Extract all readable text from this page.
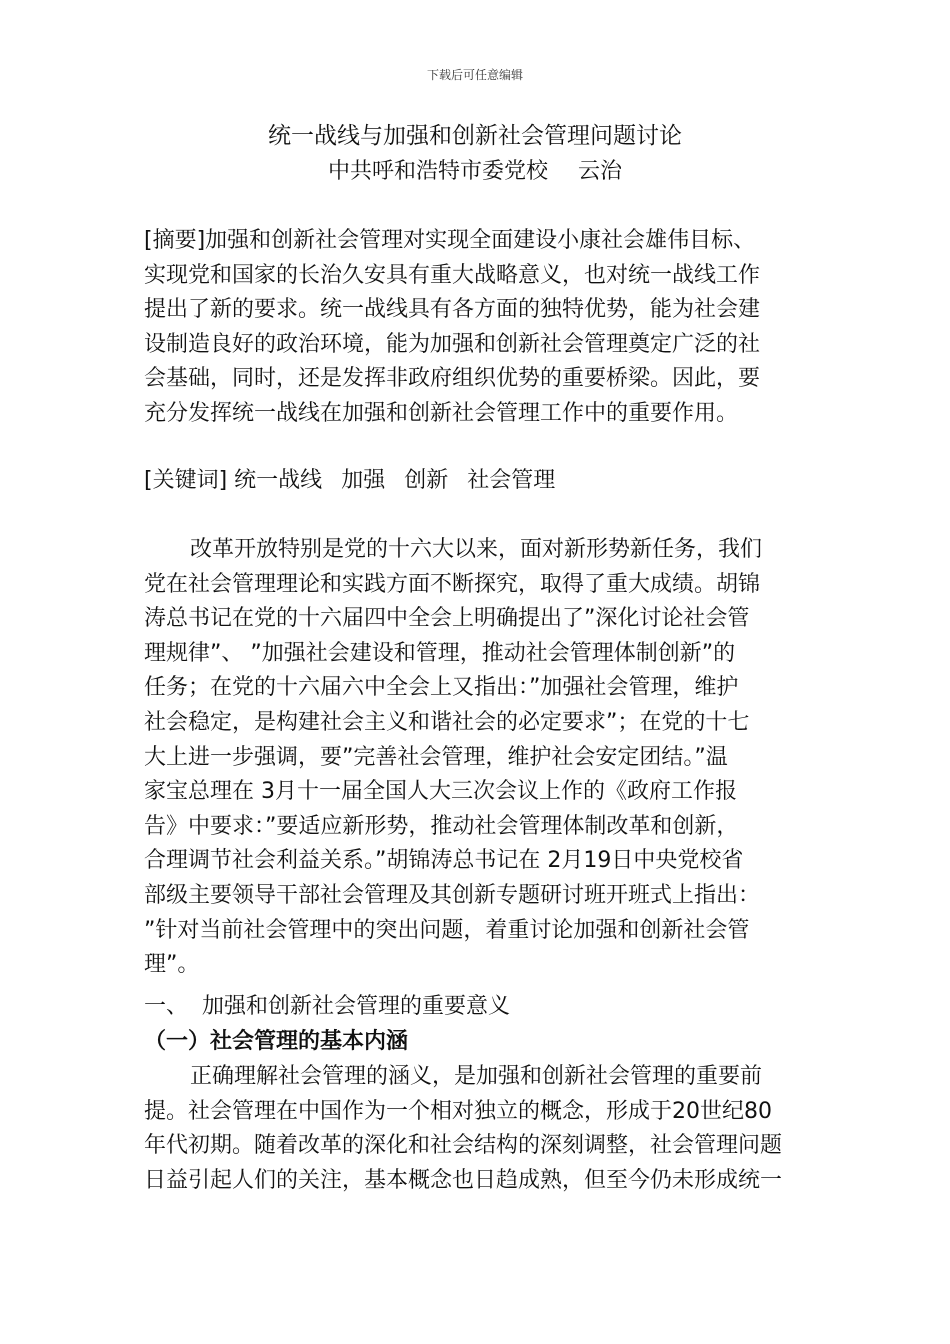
下载后可任意编辑
统一战线与加强和创新社会管理问题讨论
中共呼和浩特市委党校 云治
[摘要]加强和创新社会管理对实现全面建设小康社会雄伟目标、
实现党和国家的长治久安具有重大战略意义，也对统一战线工作
提出了新的要求。统一战线具有各方面的独特优势，能为社会建
设制造良好的政治环境，能为加强和创新社会管理奠定广泛的社
会基础，同时，还是发挥非政府组织优势的重要桥梁。因此，要
充分发挥统一战线在加强和创新社会管理工作中的重要作用。
[关键词] 统一战线 加强 创新 社会管理
改革开放特别是党的十六大以来，面对新形势新任务，我们
党在社会管理理论和实践方面不断探究，取得了重大成绩。胡锦
涛总书记在党的十六届四中全会上明确提出了”深化讨论社会管
理规律”、 ”加强社会建设和管理，推动社会管理体制创新”的
任务；在党的十六届六中全会上又指出：”加强社会管理，维护
社会稳定，是构建社会主义和谐社会的必定要求”；在党的十七
大上进一步强调，要”完善社会管理，维护社会安定团结。”温
家宝总理在 3月十一届全国人大三次会议上作的《政府工作报
告》中要求：”要适应新形势，推动社会管理体制改革和创新，
合理调节社会利益关系。”胡锦涛总书记在 2月19日中央党校省
部级主要领导干部社会管理及其创新专题研讨班开班式上指出：
”针对当前社会管理中的突出问题，着重讨论加强和创新社会管
理”。
一、 加强和创新社会管理的重要意义
（一）社会管理的基本内涵
正确理解社会管理的涵义，是加强和创新社会管理的重要前
提。社会管理在中国作为一个相对独立的概念，形成于20世纪80
年代初期。随着改革的深化和社会结构的深刻调整，社会管理问题
日益引起人们的关注，基本概念也日趋成熟，但至今仍未形成统一
